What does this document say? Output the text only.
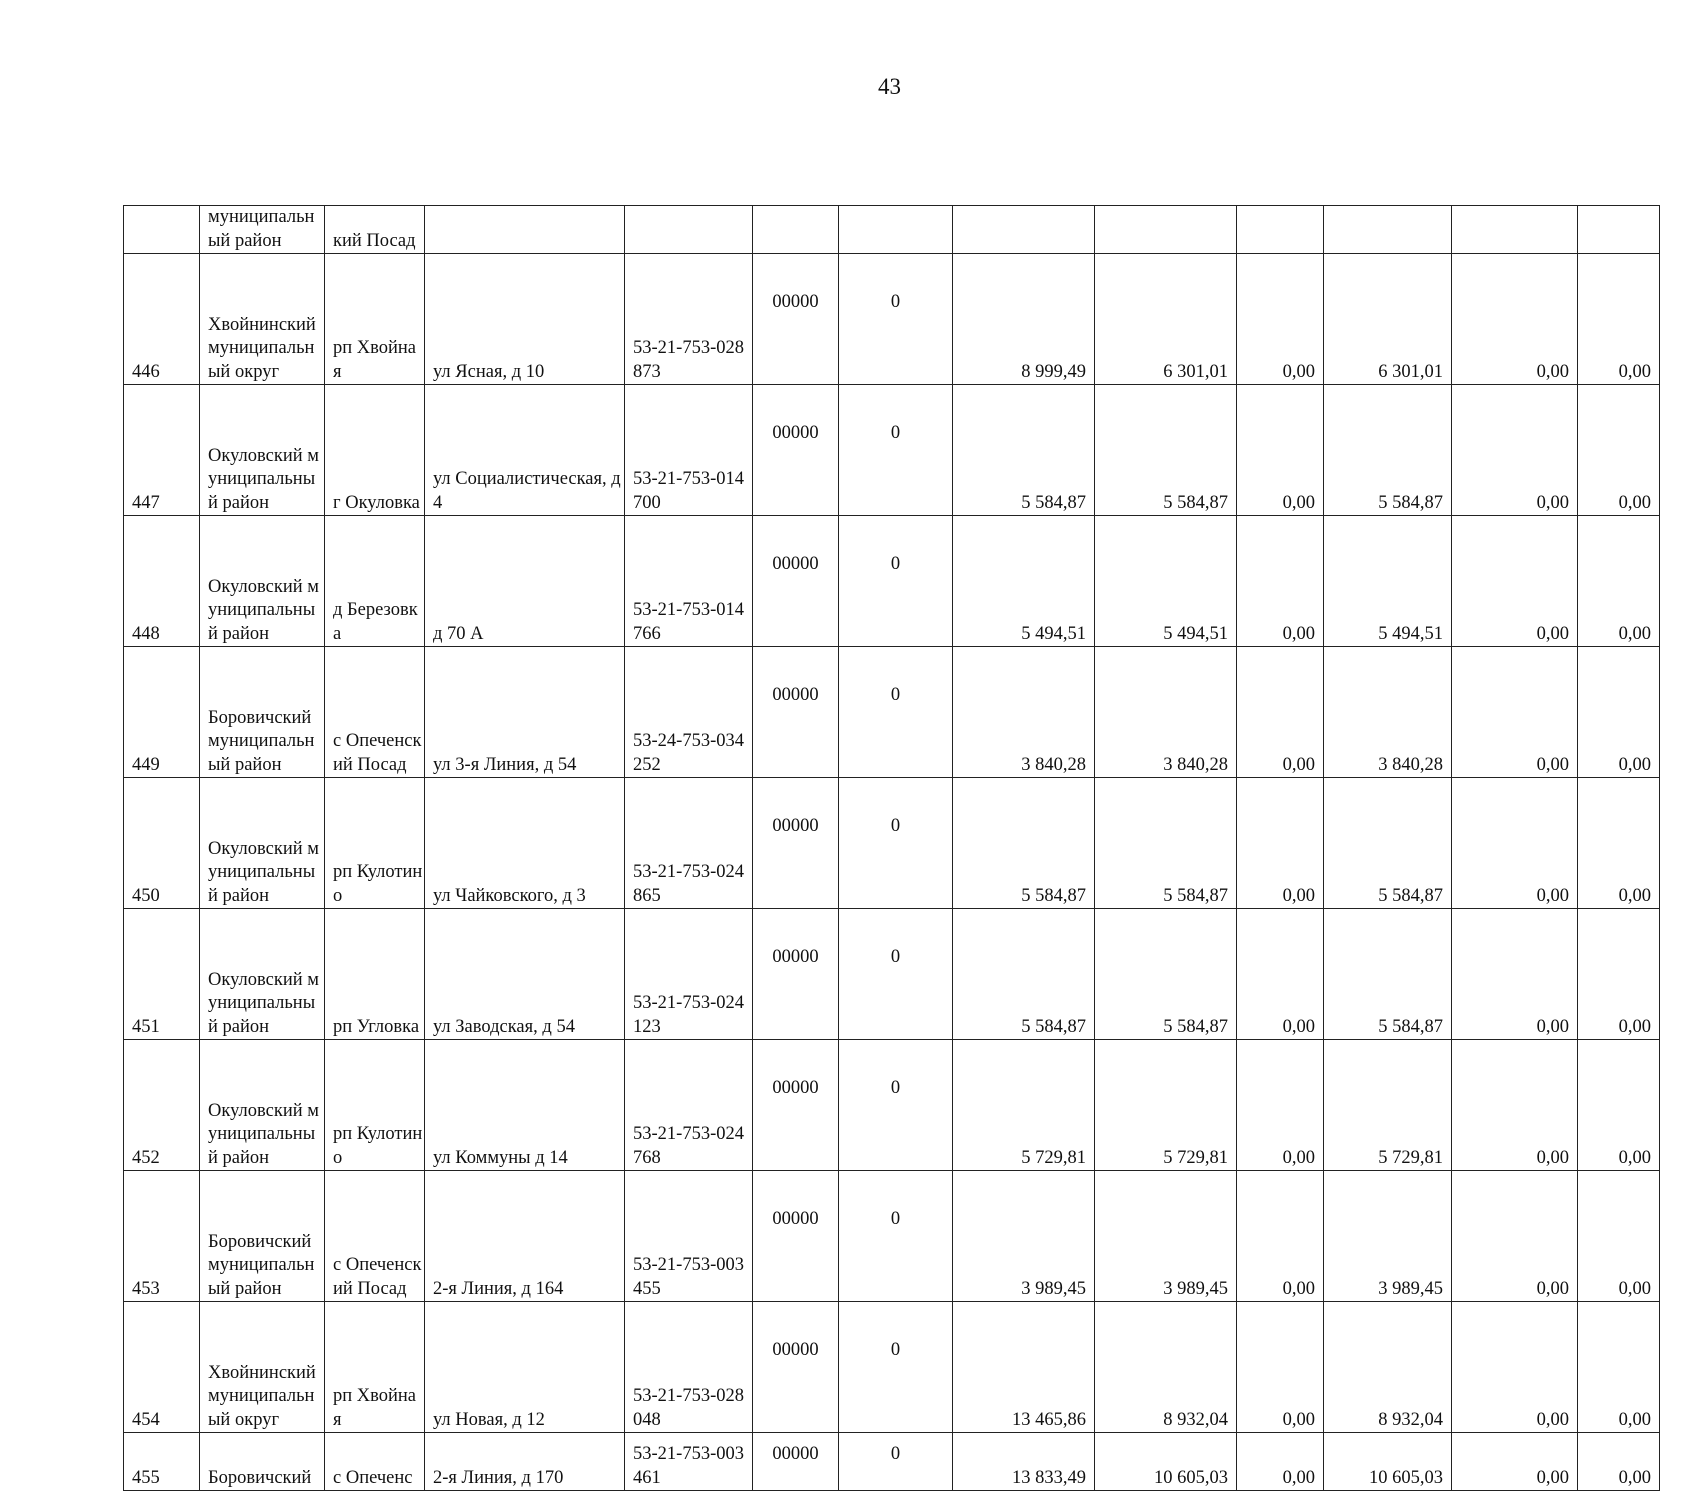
43
	муниципальный район	кий Посад										
446	Хвойнинский муниципальный округ	рп Хвойная	ул Ясная, д 10	53-21-753-028873	00000	0	8 999,49	6 301,01	0,00	6 301,01	0,00	0,00
447	Окуловский муниципальный район	г Окуловка	ул Социалистическая, д 4	53-21-753-014700	00000	0	5 584,87	5 584,87	0,00	5 584,87	0,00	0,00
448	Окуловский муниципальный район	д Березовка	д 70 А	53-21-753-014766	00000	0	5 494,51	5 494,51	0,00	5 494,51	0,00	0,00
449	Боровичский муниципальный район	с Опеченский Посад	ул 3-я Линия, д 54	53-24-753-034252	00000	0	3 840,28	3 840,28	0,00	3 840,28	0,00	0,00
450	Окуловский муниципальный район	рп Кулотино	ул Чайковского, д 3	53-21-753-024865	00000	0	5 584,87	5 584,87	0,00	5 584,87	0,00	0,00
451	Окуловский муниципальный район	рп Угловка	ул Заводская, д 54	53-21-753-024123	00000	0	5 584,87	5 584,87	0,00	5 584,87	0,00	0,00
452	Окуловский муниципальный район	рп Кулотино	ул Коммуны д 14	53-21-753-024768	00000	0	5 729,81	5 729,81	0,00	5 729,81	0,00	0,00
453	Боровичский муниципальный район	с Опеченский Посад	2-я Линия, д 164	53-21-753-003455	00000	0	3 989,45	3 989,45	0,00	3 989,45	0,00	0,00
454	Хвойнинский муниципальный округ	рп Хвойная	ул Новая, д 12	53-21-753-028048	00000	0	13 465,86	8 932,04	0,00	8 932,04	0,00	0,00
455	Боровичский	с Опеченс	2-я Линия, д 170	53-21-753-003461	00000	0	13 833,49	10 605,03	0,00	10 605,03	0,00	0,00
